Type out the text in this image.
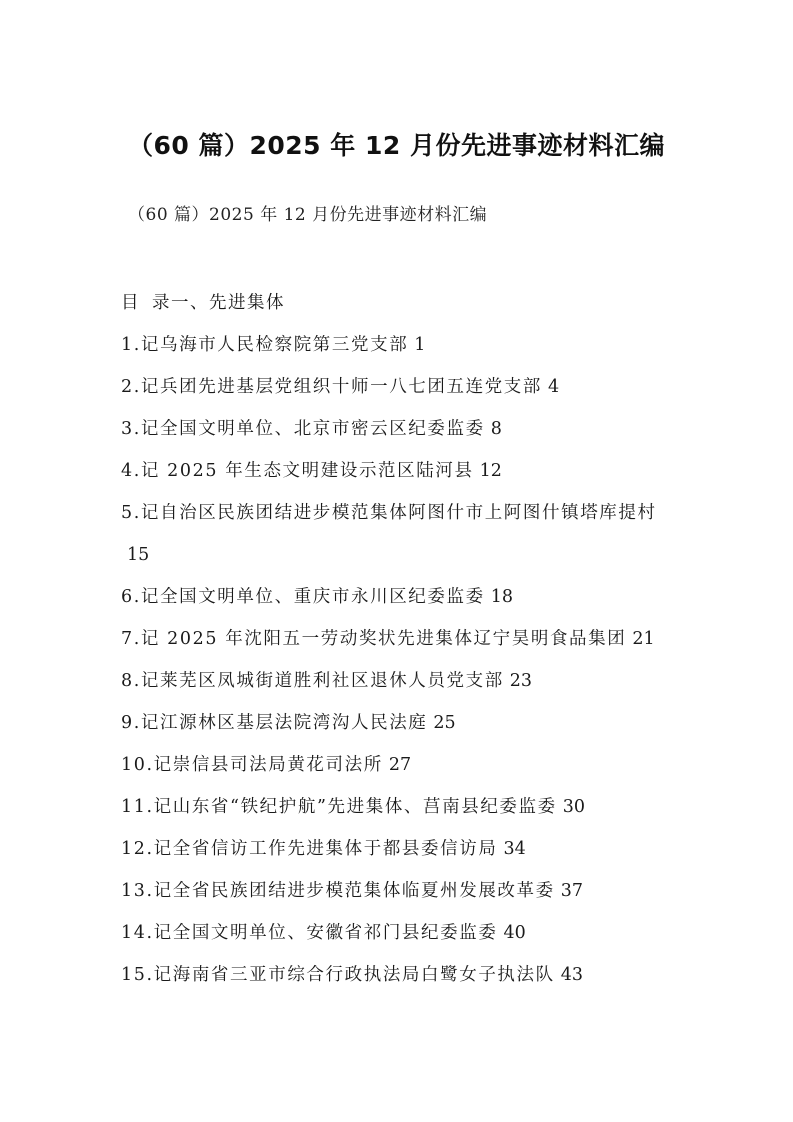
（60 篇）2025 年 12 月份先进事迹材料汇编
（60 篇）2025 年 12 月份先进事迹材料汇编
目 录一、先进集体
1.记乌海市人民检察院第三党支部 1
2.记兵团先进基层党组织十师一八七团五连党支部 4
3.记全国文明单位、北京市密云区纪委监委 8
4.记 2025 年生态文明建设示范区陆河县 12
5.记自治区民族团结进步模范集体阿图什市上阿图什镇塔库提村15
6.记全国文明单位、重庆市永川区纪委监委 18
7.记 2025 年沈阳五一劳动奖状先进集体辽宁昊明食品集团 21
8.记莱芜区凤城街道胜利社区退休人员党支部 23
9.记江源林区基层法院湾沟人民法庭 25
10.记崇信县司法局黄花司法所 27
11.记山东省“铁纪护航”先进集体、莒南县纪委监委 30
12.记全省信访工作先进集体于都县委信访局 34
13.记全省民族团结进步模范集体临夏州发展改革委 37
14.记全国文明单位、安徽省祁门县纪委监委 40
15.记海南省三亚市综合行政执法局白鹭女子执法队 43
